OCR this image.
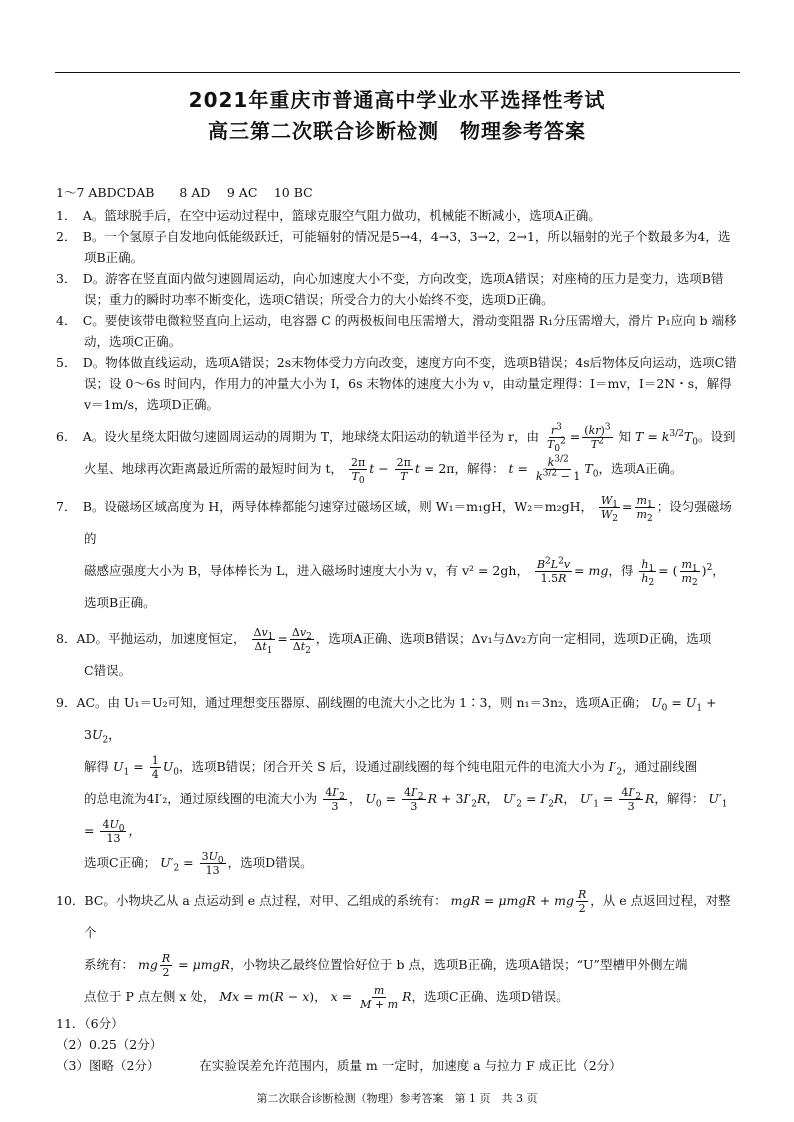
2021年重庆市普通高中学业水平选择性考试
高三第二次联合诊断检测　物理参考答案

1～7 ABDCDAB　　8 AD　 9 AC　 10 BC

1．　A。篮球脱手后，在空中运动过程中，篮球克服空气阻力做功，机械能不断减小，选项A正确。

2．　B。一个氢原子自发地向低能级跃迁，可能辐射的情况是5→4，4→3，3→2，2→1，所以辐射的光子个数最多为4，选项B正确。

3．　D。游客在竖直面内做匀速圆周运动，向心加速度大小不变，方向改变，选项A错误；对座椅的压力是变力，选项B错误；重力的瞬时功率不断变化，选项C错误；所受合力的大小始终不变，选项D正确。

4．　C。要使该带电微粒竖直向上运动，电容器 C 的两极板间电压需增大，滑动变阻器 R₁分压需增大，滑片 P₁应向 b 端移动，选项C正确。

5．　D。物体做直线运动，选项A错误；2s末物体受力方向改变，速度方向不变，选项B错误；4s后物体反向运动，选项C错误；设 0～6s 时间内，作用力的冲量大小为 I，6s 末物体的速度大小为 v，由动量定理得：I＝mv，I＝2N・s，解得 v＝1m/s，选项D正确。

6．　A。设火星绕太阳做匀速圆周运动的周期为 T，地球绕太阳运动的轨道半径为 r，由 $\frac{r^3}{T_0^2} = \frac{(kr)^3}{T^2}$ 知 $T = k^{3/2}T_0$。设到
火星、地球再次距离最近所需的最短时间为 t， $\frac{2\pi}{T_0}$ $t - \frac{2\pi}{T}$ t = 2π，解得： $t = \frac{k^{3/2}}{k^{3/2} - 1} T_0$，选项A正确。

7．　B。设磁场区域高度为 H，两导体棒都能匀速穿过磁场区域，则 W₁＝m₁gH，W₂＝m₂gH， $\frac{W_1}{W_2} = \frac{m_1}{m_2}$ ；设匀强磁场的
磁感应强度大小为 B，导体棒长为 L，进入磁场时速度大小为 v，有 v² = 2gh， $\frac{B^2L^2v}{1.5R}$ = mg，得 $\frac{h_1}{h_2}$ = ( $\frac{m_1}{m_2} )^2$，
选项B正确。

8．AD。平抛运动，加速度恒定， $\frac{\Delta v_1}{\Delta t_1} = \frac{\Delta v_2}{\Delta t_2}$ ，选项A正确、选项B错误；Δv₁与Δv₂方向一定相同，选项D正确，选项
C错误。

9．AC。由 U₁＝U₂可知，通过理想变压器原、副线圈的电流大小之比为 1∶3，则 n₁＝3n₂，选项A正确； $U_0 = U_1 + 3U_2$，
解得 $U_1 = \frac{1}{4} U_0$，选项B错误；闭合开关 S 后，设通过副线圈的每个纯电阻元件的电流大小为 $I'_2$，通过副线圈
的总电流为4I′₂，通过原线圈的电流大小为 $\frac{4I'_2}{3}$ ， $U_0 = \frac{4I'_2}{3}$ $R + 3I'_2R$， $U'_2 = I'_2R$， $U'_1 = \frac{4I'_2}{3}$ R，解得： $U'_1 = \frac{4U_0}{13}$ ，
选项C正确； $U'_2 = \frac{3U_0}{13}$ ，选项D错误。

10．BC。小物块乙从 a 点运动到 e 点过程，对甲、乙组成的系统有： mgR = μmgR + mg $\frac{R}{2}$ ，从 e 点返回过程，对整个
系统有： mg $\frac{R}{2} = \mu mgR$，小物块乙最终位置恰好位于 b 点，选项B正确，选项A错误；“U”型槽甲外侧左端
点位于 P 点左侧 x 处， Mx = m(R − x)， $x = \frac{m}{M + m}$ R，选项C正确、选项D错误。

11．（6分）

（2）0.25（2分）

（3）图略（2分）	在实验误差允许范围内，质量 m 一定时，加速度 a 与拉力 F 成正比（2分）

第二次联合诊断检测（物理）参考答案　第 1 页　共 3 页
